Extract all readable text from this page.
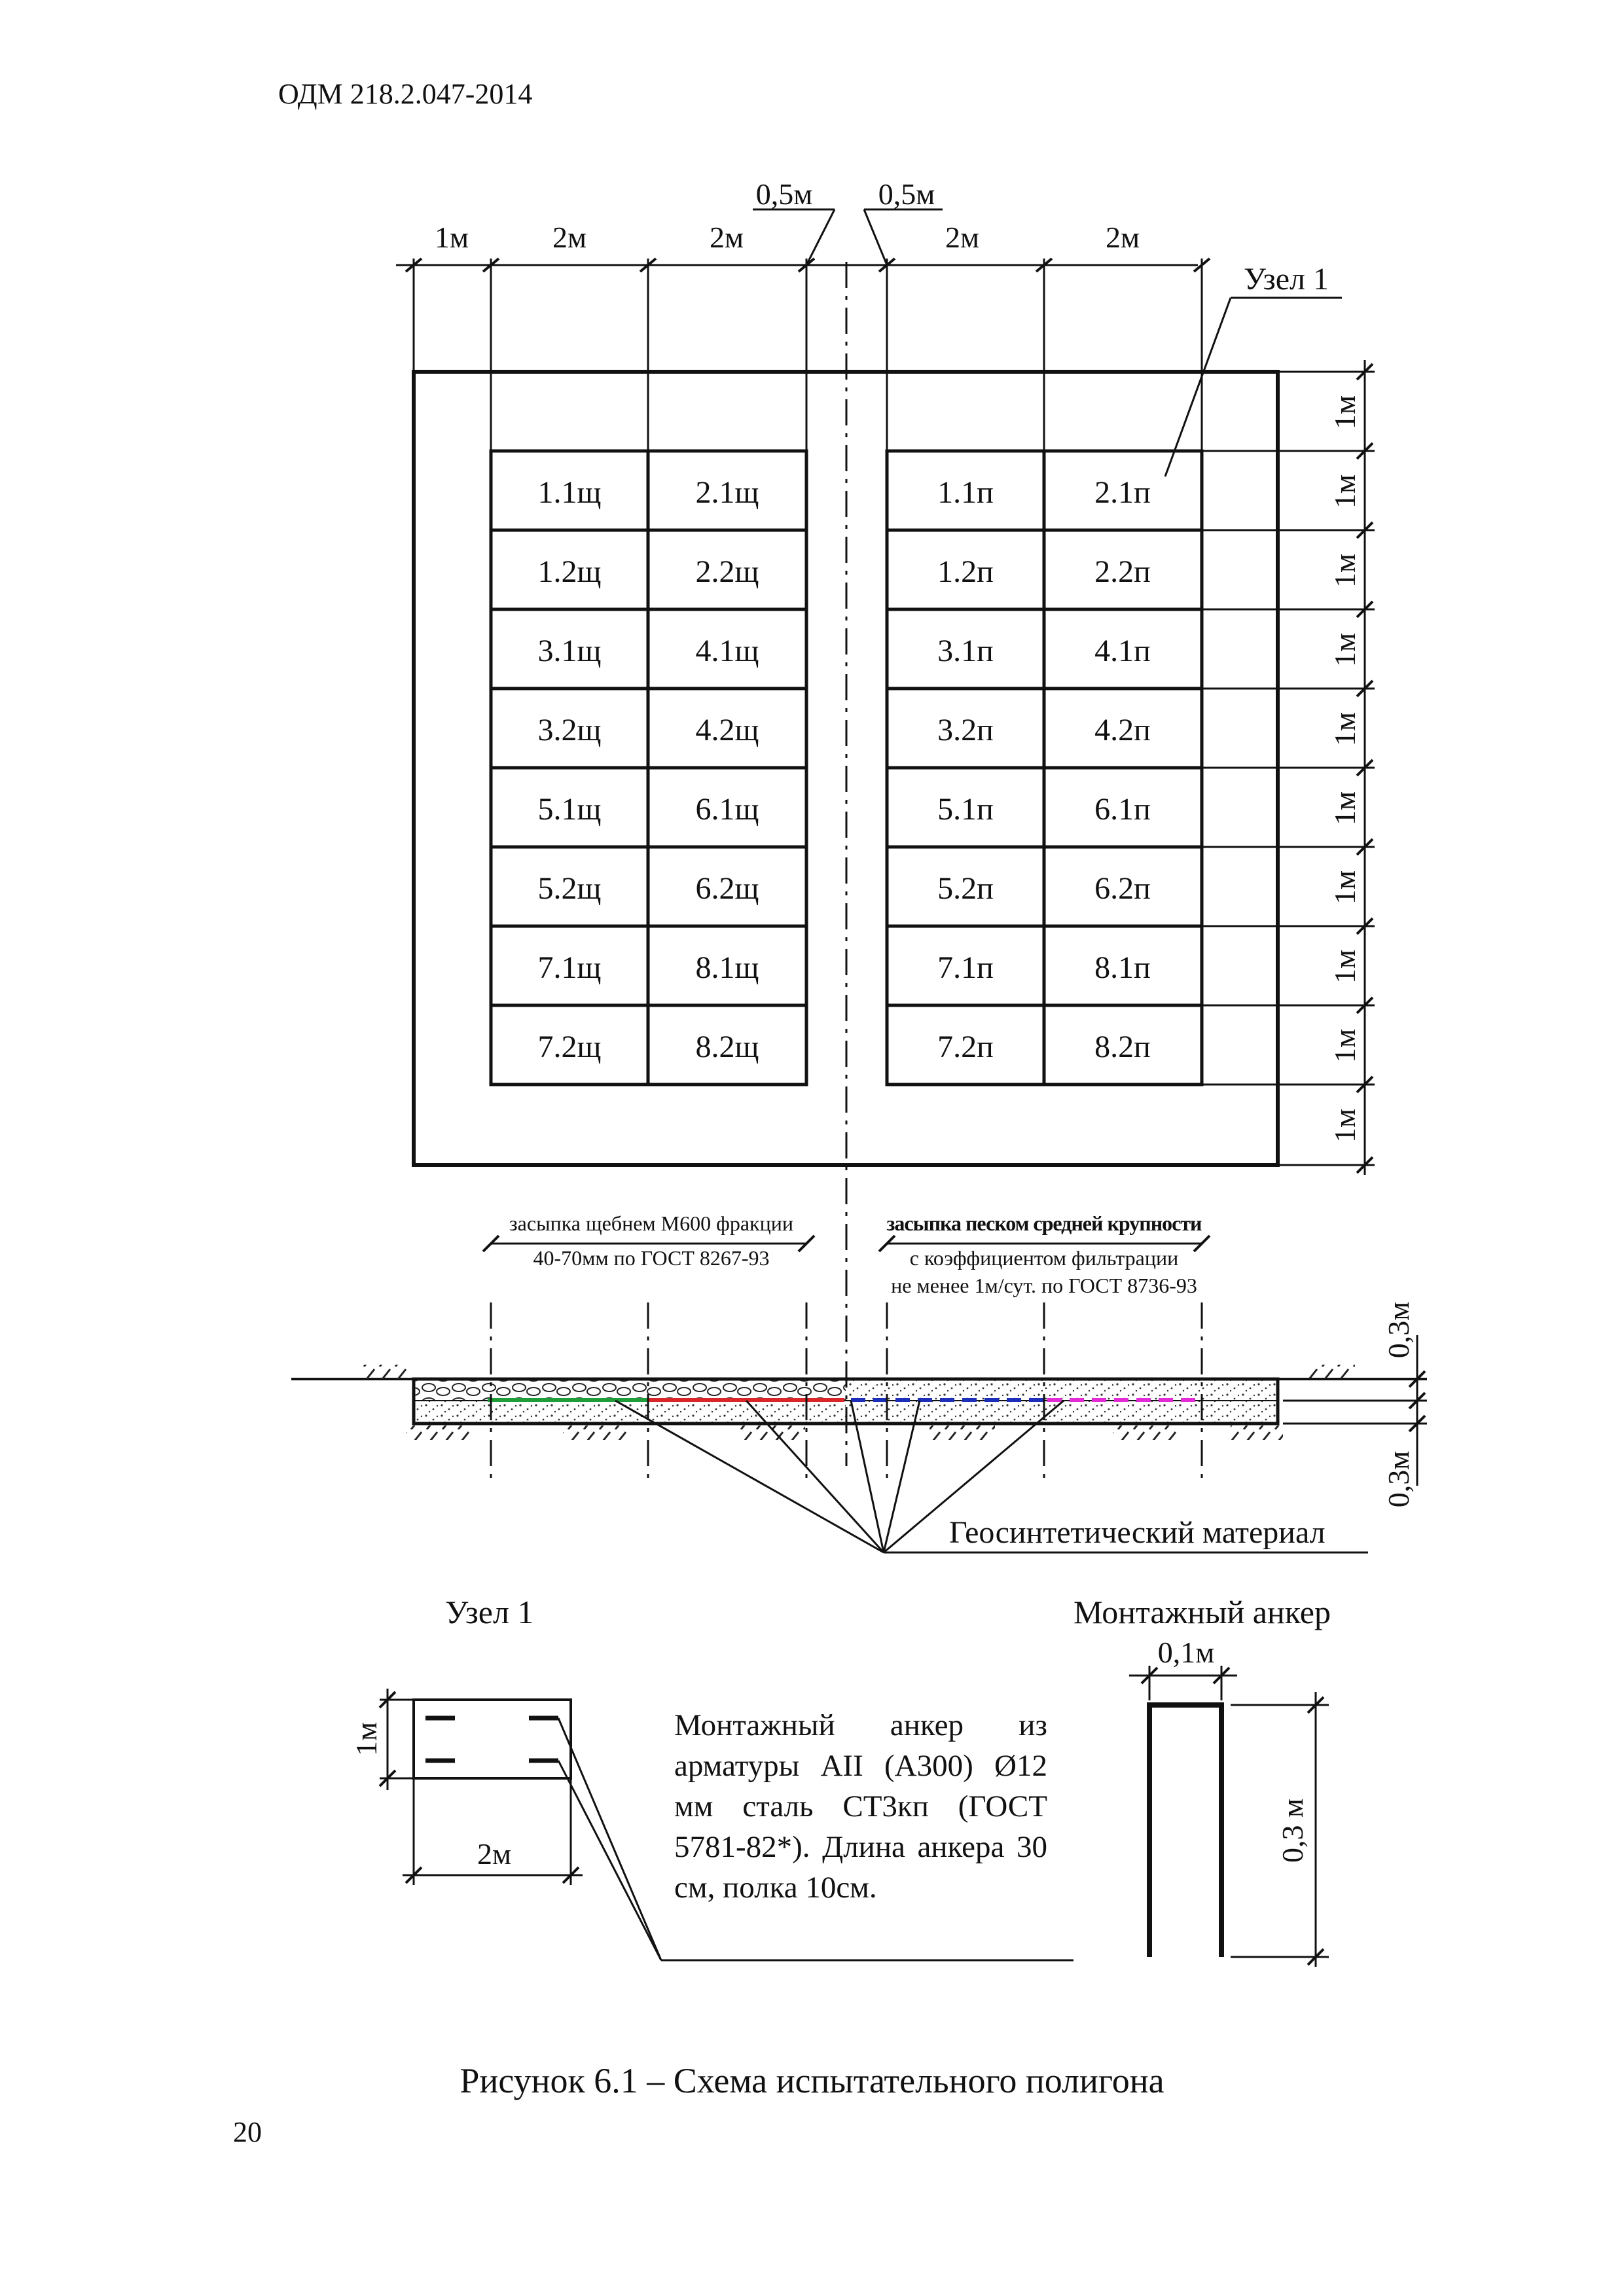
ОДМ 218.2.047-2014
1м	2м	2м
0,5м 0,5м
2м	2м
Узел 1
1.1щ	2.1щ
1.2щ	2.2щ
3.1щ	4.1щ
3.2щ	4.2щ
5.1щ	6.1щ
5.2щ	6.2щ
7.1щ	8.1щ
7.2щ	8.2щ
1.1п	2.1п
1.2п	2.2п
3.1п	4.1п
3.2п	4.2п
5.1п	6.1п
5.2п	6.2п
7.1п	8.1п
7.2п	8.2п
1м
1м
1м
1м
1м
1м
1м
1м
1м
1м
засыпка щебнем М600 фракции
40-70мм по ГОСТ 8267-93
засыпка песком средней крупности
с коэффициентом фильтрации
не менее 1м/сут. по ГОСТ 8736-93
Геосинтетический материал
0,3м
0,3м
Узел 1
1м
2м
Монтажный анкер
0,1м
0,3 м
Монтажный анкер из арматуры АII (А300) Ø12 мм сталь СТ3кп (ГОСТ 5781-82*). Длина анкера 30 см, полка 10см.
Рисунок 6.1 – Схема испытательного полигона
20
